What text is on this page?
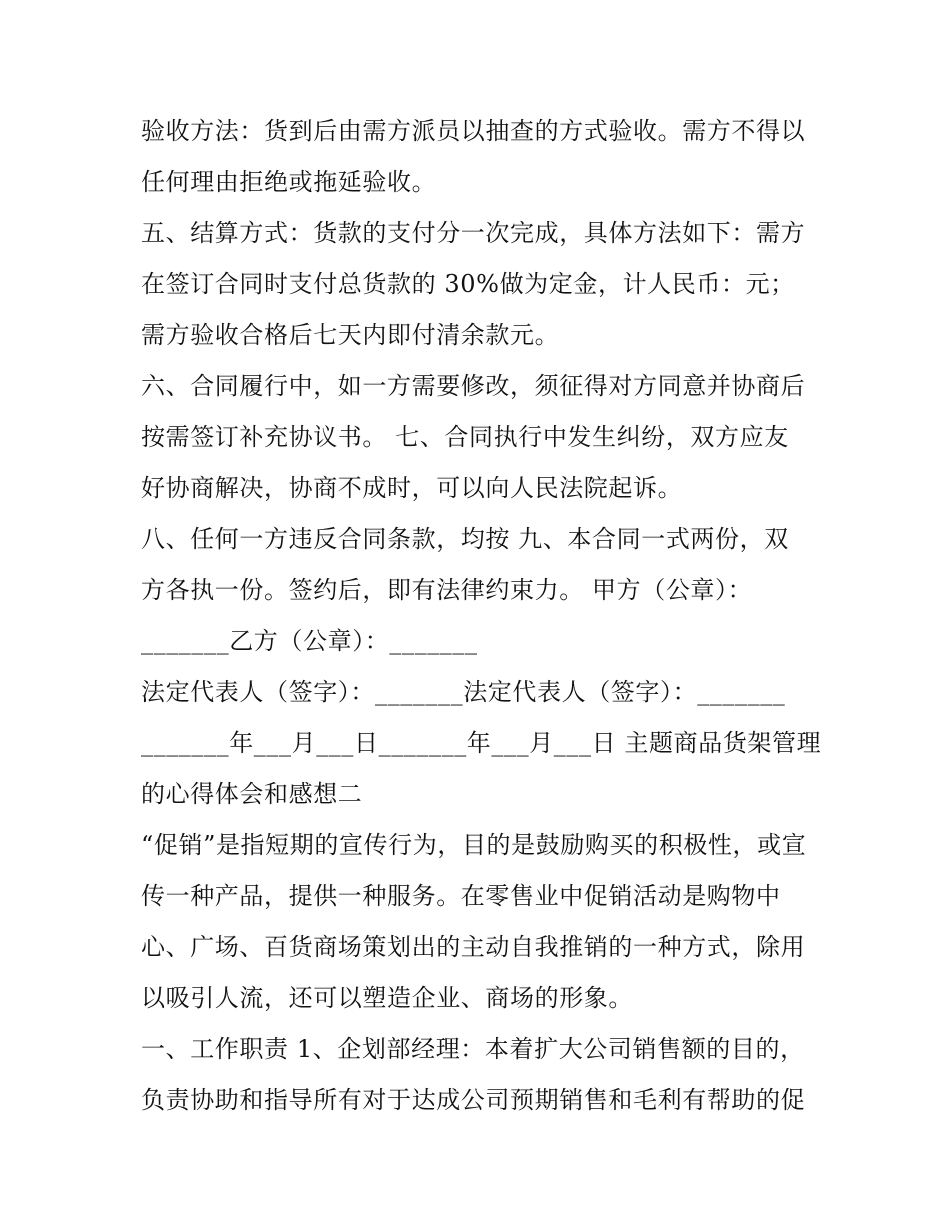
验收方法：货到后由需方派员以抽查的方式验收。需方不得以
任何理由拒绝或拖延验收。
五、结算方式：货款的支付分一次完成，具体方法如下：需方
在签订合同时支付总货款的 30%做为定金，计人民币：元；
需方验收合格后七天内即付清余款元。
六、合同履行中，如一方需要修改，须征得对方同意并协商后
按需签订补充协议书。 七、合同执行中发生纠纷，双方应友
好协商解决，协商不成时，可以向人民法院起诉。
八、任何一方违反合同条款，均按 九、本合同一式两份，双
方各执一份。签约后，即有法律约束力。 甲方（公章）：
_______乙方（公章）：_______
法定代表人（签字）：_______法定代表人（签字）：_______
_______年___月___日_______年___月___日 主题商品货架管理
的心得体会和感想二
“促销”是指短期的宣传行为，目的是鼓励购买的积极性，或宣
传一种产品，提供一种服务。在零售业中促销活动是购物中
心、广场、百货商场策划出的主动自我推销的一种方式，除用
以吸引人流，还可以塑造企业、商场的形象。
一、工作职责 1、企划部经理：本着扩大公司销售额的目的，
负责协助和指导所有对于达成公司预期销售和毛利有帮助的促
